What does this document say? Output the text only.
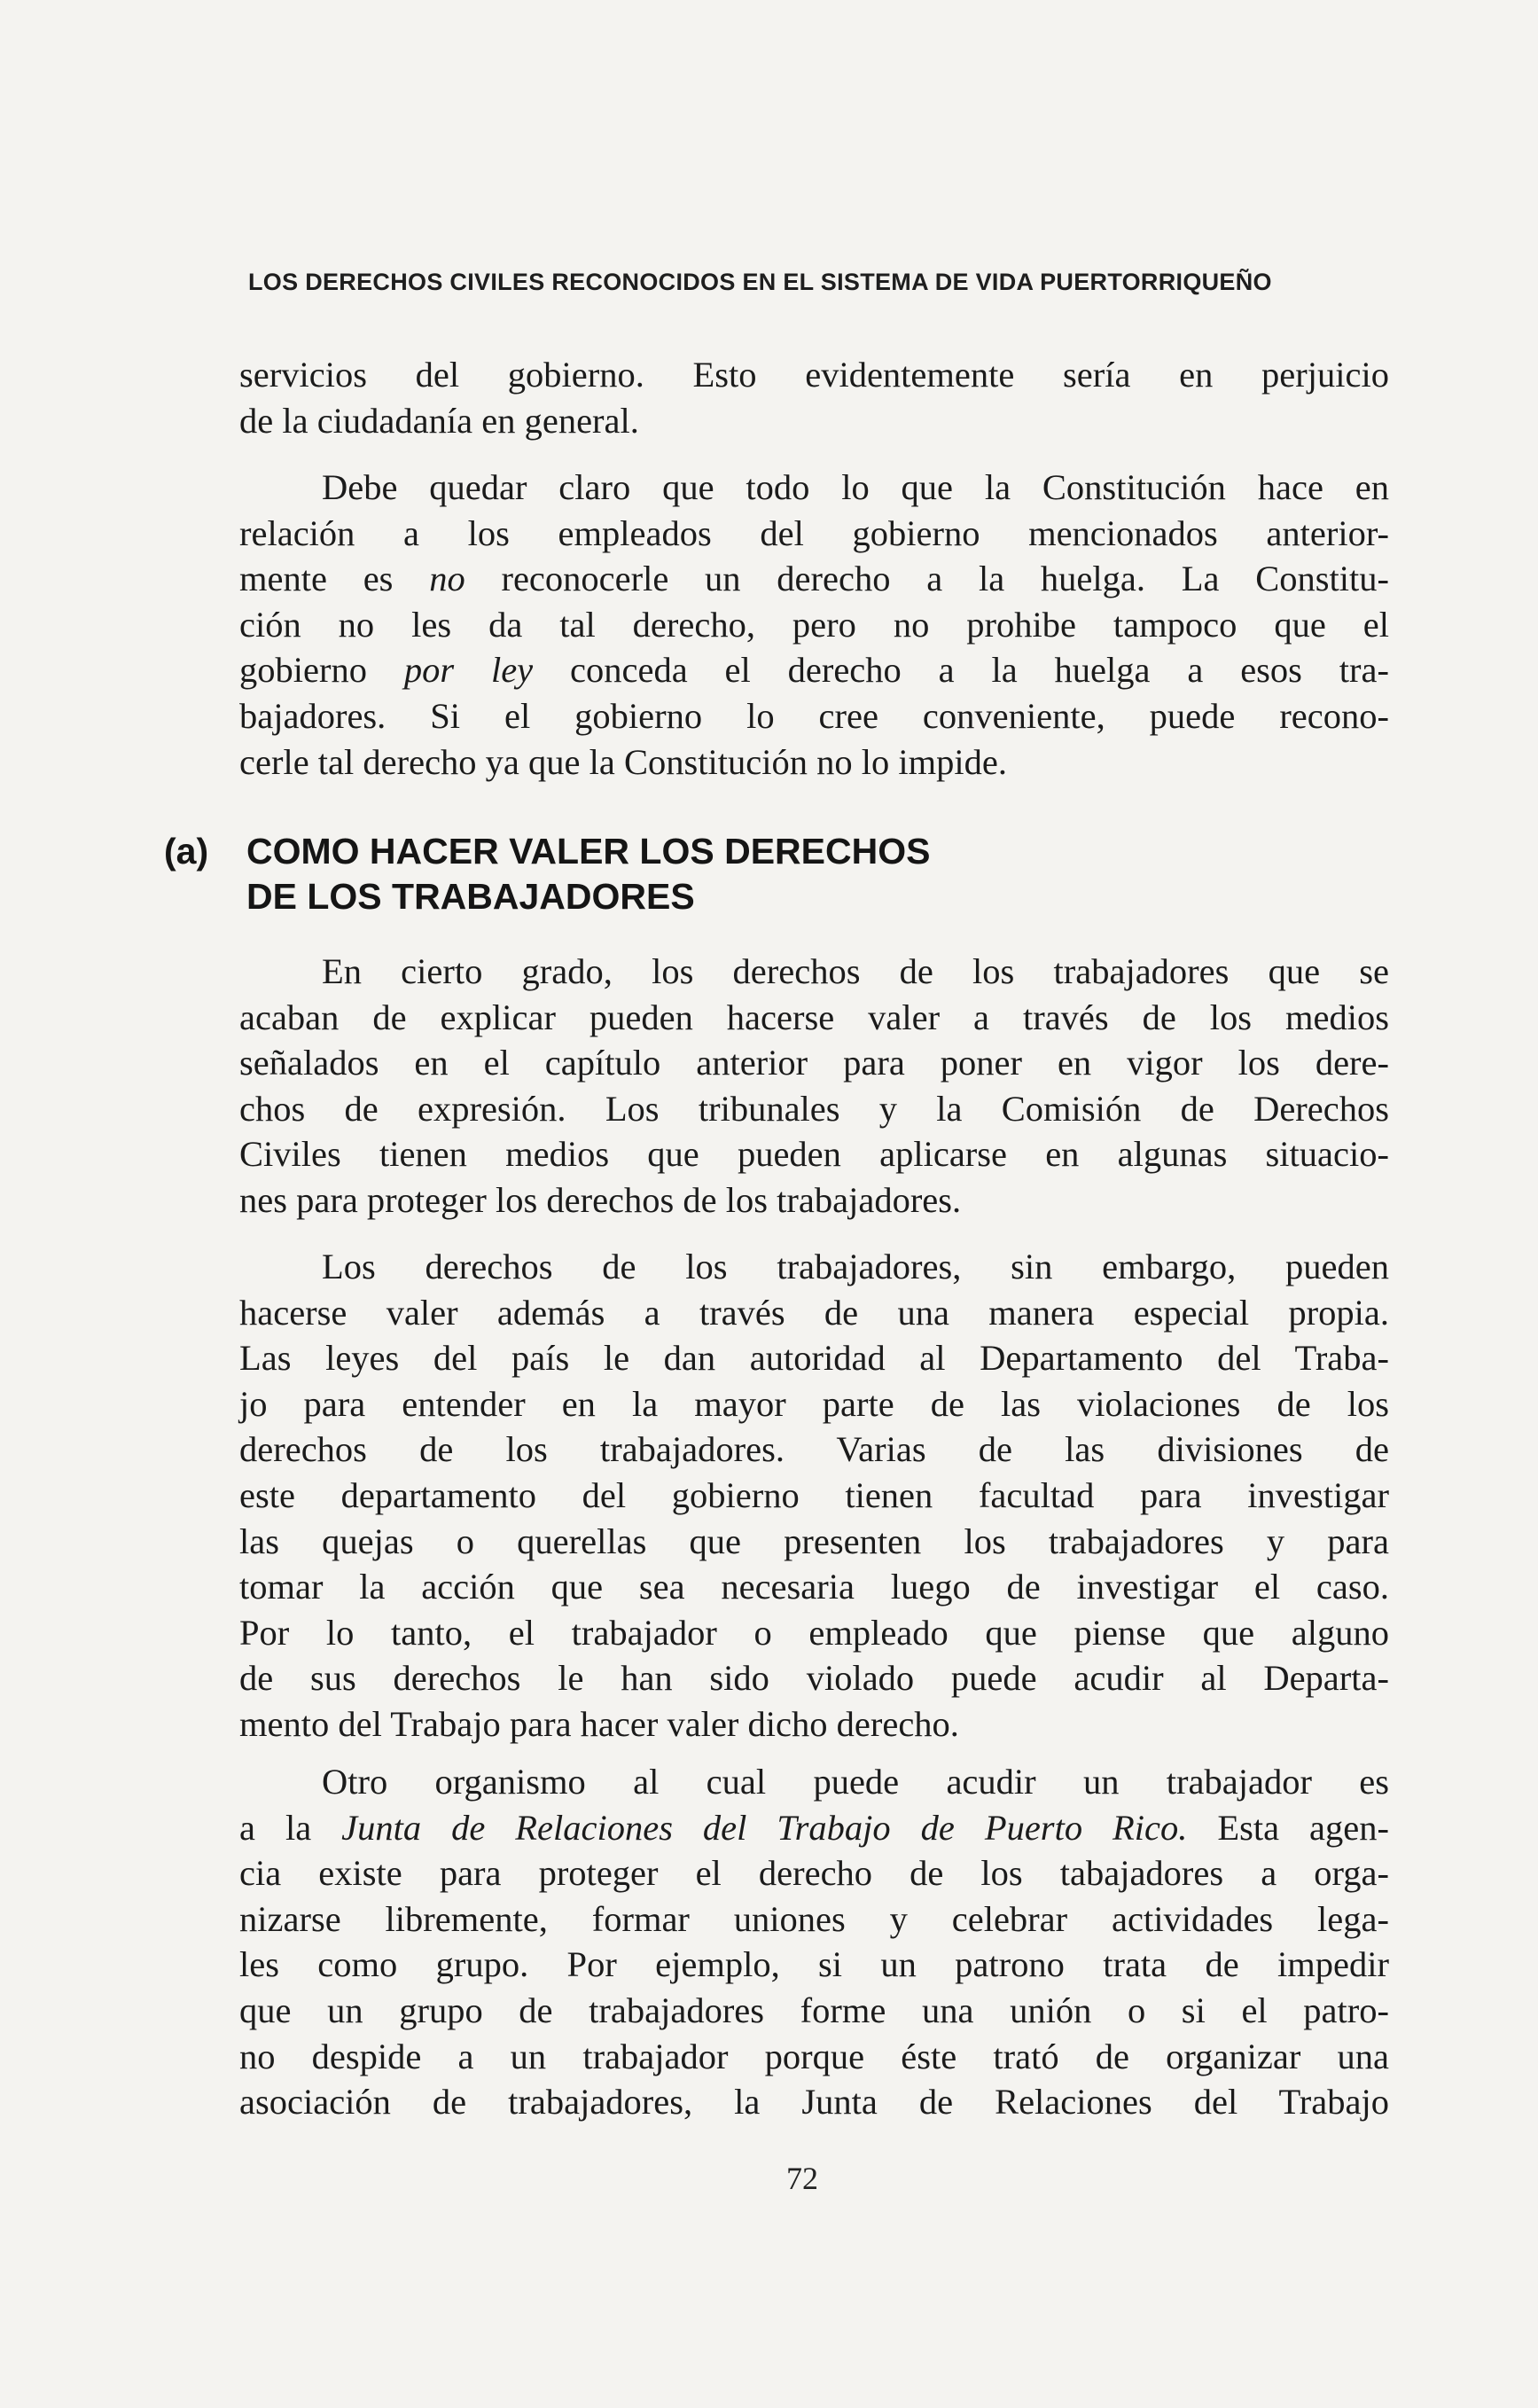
LOS DERECHOS CIVILES RECONOCIDOS EN EL SISTEMA DE VIDA PUERTORRIQUEÑO
servicios del gobierno. Esto evidentemente sería en perjuicio
de la ciudadanía en general.
Debe quedar claro que todo lo que la Constitución hace en
relación a los empleados del gobierno mencionados anterior-
mente es no reconocerle un derecho a la huelga. La Constitu-
ción no les da tal derecho, pero no prohibe tampoco que el
gobierno por ley conceda el derecho a la huelga a esos tra-
bajadores. Si el gobierno lo cree conveniente, puede recono-
cerle tal derecho ya que la Constitución no lo impide.
(a) COMO HACER VALER LOS DERECHOS
DE LOS TRABAJADORES
En cierto grado, los derechos de los trabajadores que se
acaban de explicar pueden hacerse valer a través de los medios
señalados en el capítulo anterior para poner en vigor los dere-
chos de expresión. Los tribunales y la Comisión de Derechos
Civiles tienen medios que pueden aplicarse en algunas situacio-
nes para proteger los derechos de los trabajadores.
Los derechos de los trabajadores, sin embargo, pueden
hacerse valer además a través de una manera especial propia.
Las leyes del país le dan autoridad al Departamento del Traba-
jo para entender en la mayor parte de las violaciones de los
derechos de los trabajadores. Varias de las divisiones de
este departamento del gobierno tienen facultad para investigar
las quejas o querellas que presenten los trabajadores y para
tomar la acción que sea necesaria luego de investigar el caso.
Por lo tanto, el trabajador o empleado que piense que alguno
de sus derechos le han sido violado puede acudir al Departa-
mento del Trabajo para hacer valer dicho derecho.
Otro organismo al cual puede acudir un trabajador es
a la Junta de Relaciones del Trabajo de Puerto Rico. Esta agen-
cia existe para proteger el derecho de los tabajadores a orga-
nizarse libremente, formar uniones y celebrar actividades lega-
les como grupo. Por ejemplo, si un patrono trata de impedir
que un grupo de trabajadores forme una unión o si el patro-
no despide a un trabajador porque éste trató de organizar una
asociación de trabajadores, la Junta de Relaciones del Trabajo
72
